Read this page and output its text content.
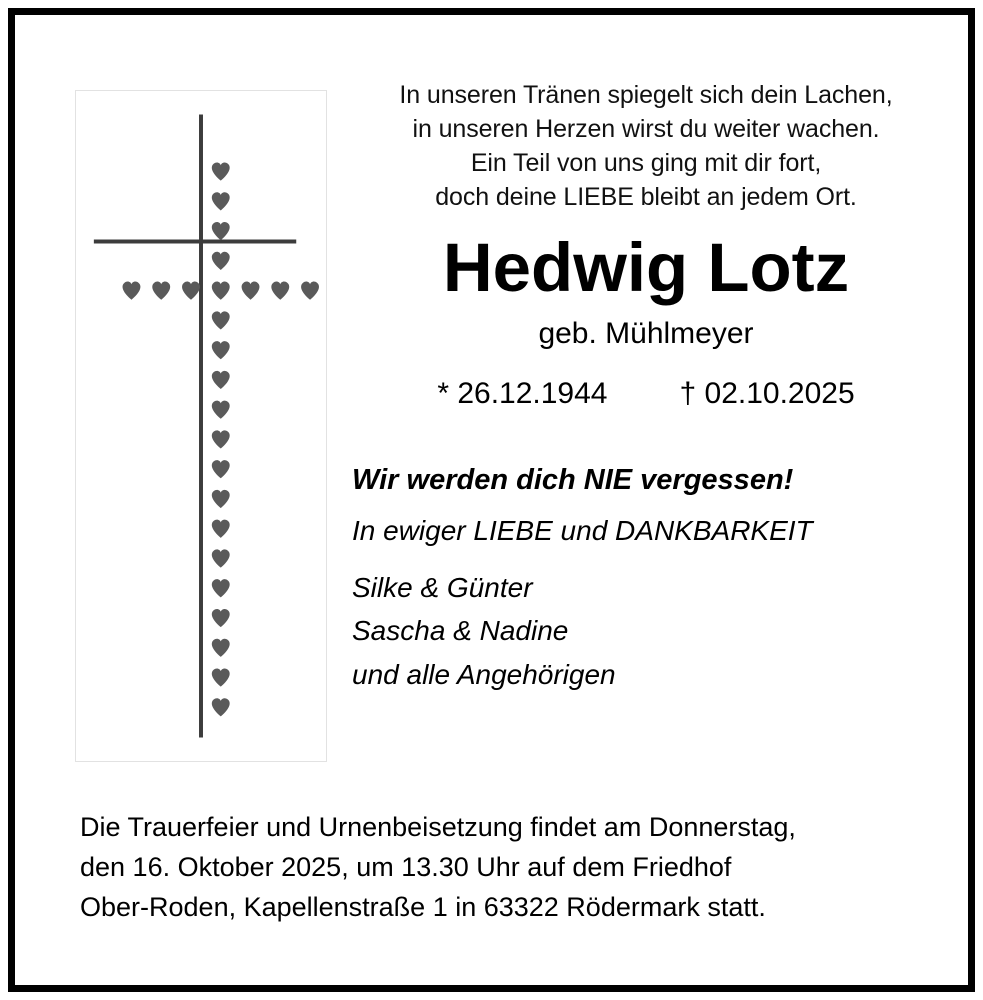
In unseren Tränen spiegelt sich dein Lachen,
in unseren Herzen wirst du weiter wachen.
Ein Teil von uns ging mit dir fort,
doch deine LIEBE bleibt an jedem Ort.
Hedwig Lotz
geb. Mühlmeyer
* 26.12.1944 † 02.10.2025
Wir werden dich NIE vergessen!
In ewiger LIEBE und DANKBARKEIT
Silke & Günter
Sascha & Nadine
und alle Angehörigen
Die Trauerfeier und Urnenbeisetzung findet am Donnerstag,
den 16. Oktober 2025, um 13.30 Uhr auf dem Friedhof
Ober-Roden, Kapellenstraße 1 in 63322 Rödermark statt.
